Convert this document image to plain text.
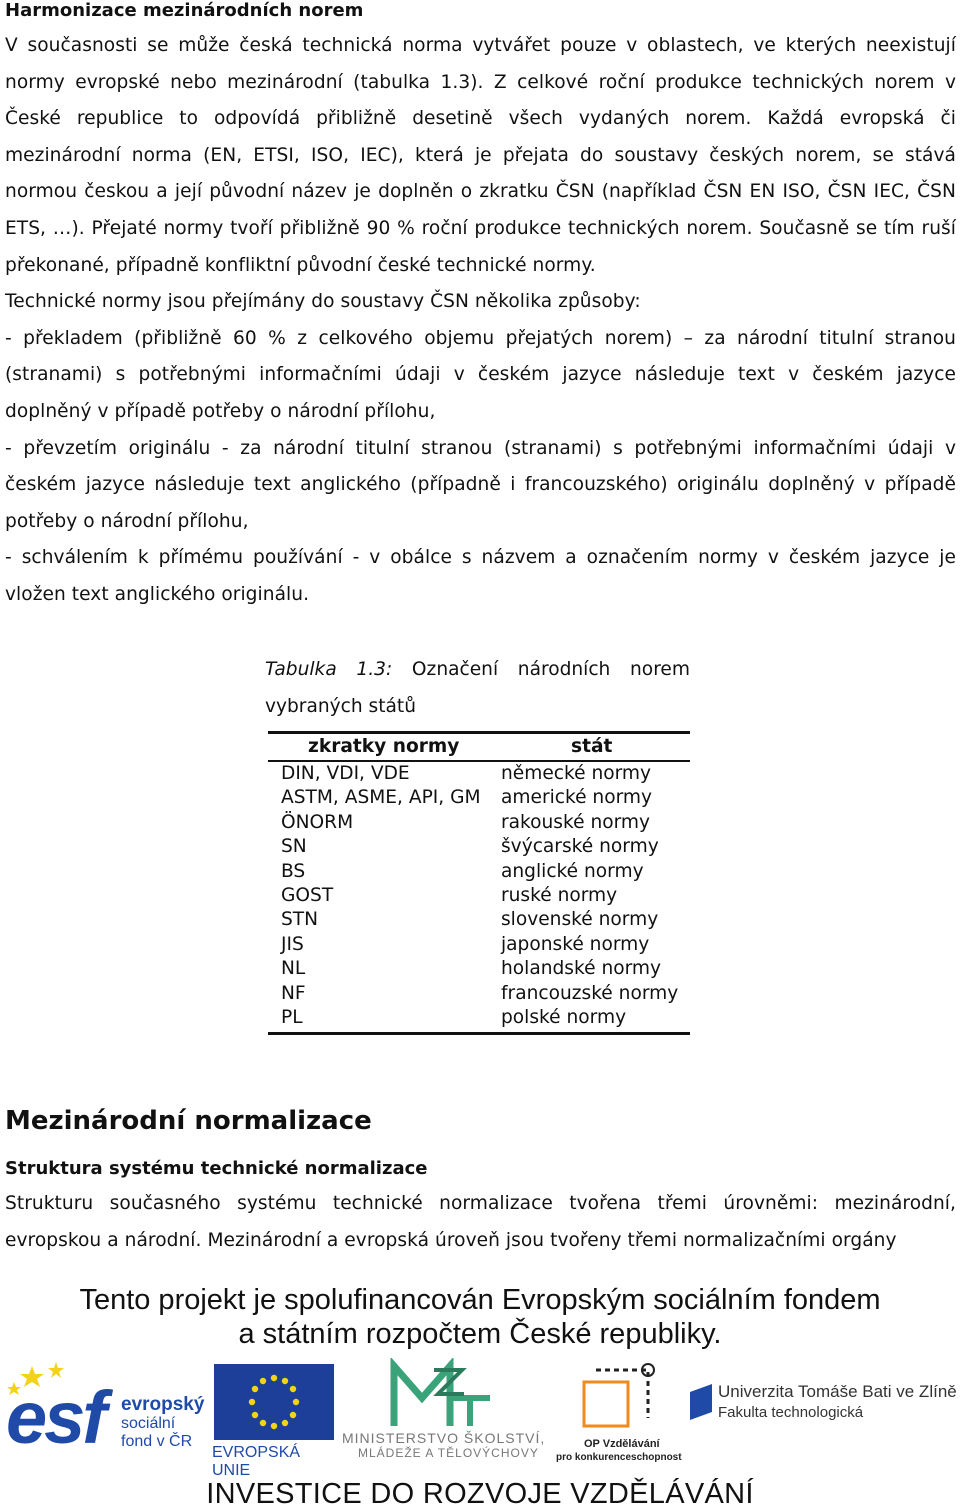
Harmonizace mezinárodních norem

V současnosti se může česká technická norma vytvářet pouze v oblastech, ve kterých neexistují normy evropské nebo mezinárodní (tabulka 1.3). Z celkové roční produkce technických norem v České republice to odpovídá přibližně desetině všech vydaných norem. Každá evropská či mezinárodní norma (EN, ETSI, ISO, IEC), která je přejata do soustavy českých norem, se stává normou českou a její původní název je doplněn o zkratku ČSN (například ČSN EN ISO, ČSN IEC, ČSN ETS, …). Přejaté normy tvoří přibližně 90 % roční produkce technických norem. Současně se tím ruší překonané, případně konfliktní původní české technické normy.

Technické normy jsou přejímány do soustavy ČSN několika způsoby:

- překladem (přibližně 60 % z celkového objemu přejatých norem) – za národní titulní stranou (stranami) s potřebnými informačními údaji v českém jazyce následuje text v českém jazyce doplněný v případě potřeby o národní přílohu,

- převzetím originálu - za národní titulní stranou (stranami) s potřebnými informačními údaji v českém jazyce následuje text anglického (případně i francouzského) originálu doplněný v případě potřeby o národní přílohu,

- schválením k přímému používání - v obálce s názvem a označením normy v českém jazyce je vložen text anglického originálu.

Tabulka 1.3: Označení národních norem vybraných států

zkratky normy	stát
DIN, VDI, VDE	německé normy
ASTM, ASME, API, GM	americké normy
ÖNORM	rakouské normy
SN	švýcarské normy
BS	anglické normy
GOST	ruské normy
STN	slovenské normy
JIS	japonské normy
NL	holandské normy
NF	francouzské normy
PL	polské normy
Mezinárodní normalizace

Struktura systému technické normalizace

Strukturu současného systému technické normalizace tvořena třemi úrovněmi: mezinárodní, evropskou a národní. Mezinárodní a evropská úroveň jsou tvořeny třemi normalizačními orgány

Tento projekt je spolufinancován Evropským sociálním fondem
a státním rozpočtem České republiky.
esf evropský
sociální
fond v ČR
EVROPSKÁ UNIE
MINISTERSTVO ŠKOLSTVÍ,
MLÁDEŽE A TĚLOVÝCHOVY
OP Vzdělávání
pro konkurenceschopnost
Univerzita Tomáše Bati ve Zlíně
Fakulta technologická
INVESTICE DO ROZVOJE VZDĚLÁVÁNÍ
